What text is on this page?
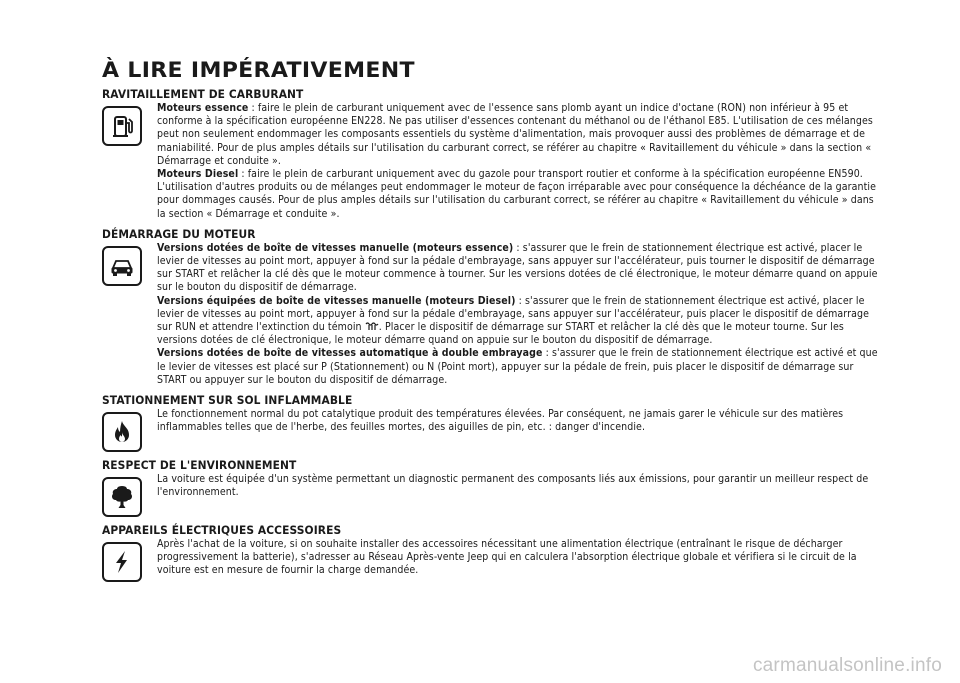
À LIRE IMPÉRATIVEMENT
RAVITAILLEMENT DE CARBURANT

Moteurs essence : faire le plein de carburant uniquement avec de l'essence sans plomb ayant un indice d'octane (RON) non inférieur à 95 et conforme à la spécification européenne EN228. Ne pas utiliser d'essences contenant du méthanol ou de l'éthanol E85. L'utilisation de ces mélanges peut non seulement endommager les composants essentiels du système d'alimentation, mais provoquer aussi des problèmes de démarrage et de maniabilité. Pour de plus amples détails sur l'utilisation du carburant correct, se référer au chapitre « Ravitaillement du véhicule » dans la section « Démarrage et conduite ».

Moteurs Diesel : faire le plein de carburant uniquement avec du gazole pour transport routier et conforme à la spécification européenne EN590. L'utilisation d'autres produits ou de mélanges peut endommager le moteur de façon irréparable avec pour conséquence la déchéance de la garantie pour dommages causés. Pour de plus amples détails sur l'utilisation du carburant correct, se référer au chapitre « Ravitaillement du véhicule » dans la section « Démarrage et conduite ».

DÉMARRAGE DU MOTEUR

Versions dotées de boîte de vitesses manuelle (moteurs essence) : s'assurer que le frein de stationnement électrique est activé, placer le levier de vitesses au point mort, appuyer à fond sur la pédale d'embrayage, sans appuyer sur l'accélérateur, puis tourner le dispositif de démarrage sur START et relâcher la clé dès que le moteur commence à tourner. Sur les versions dotées de clé électronique, le moteur démarre quand on appuie sur le bouton du dispositif de démarrage.

Versions équipées de boîte de vitesses manuelle (moteurs Diesel) : s'assurer que le frein de stationnement électrique est activé, placer le levier de vitesses au point mort, appuyer à fond sur la pédale d'embrayage, sans appuyer sur l'accélérateur, puis placer le dispositif de démarrage sur RUN et attendre l'extinction du témoin . Placer le dispositif de démarrage sur START et relâcher la clé dès que le moteur tourne. Sur les versions dotées de clé électronique, le moteur démarre quand on appuie sur le bouton du dispositif de démarrage.

Versions dotées de boîte de vitesses automatique à double embrayage : s'assurer que le frein de stationnement électrique est activé et que le levier de vitesses est placé sur P (Stationnement) ou N (Point mort), appuyer sur la pédale de frein, puis placer le dispositif de démarrage sur START ou appuyer sur le bouton du dispositif de démarrage.

STATIONNEMENT SUR SOL INFLAMMABLE

Le fonctionnement normal du pot catalytique produit des températures élevées. Par conséquent, ne jamais garer le véhicule sur des matières inflammables telles que de l'herbe, des feuilles mortes, des aiguilles de pin, etc. : danger d'incendie.

RESPECT DE L'ENVIRONNEMENT

La voiture est équipée d'un système permettant un diagnostic permanent des composants liés aux émissions, pour garantir un meilleur respect de l'environnement.

APPAREILS ÉLECTRIQUES ACCESSOIRES

Après l'achat de la voiture, si on souhaite installer des accessoires nécessitant une alimentation électrique (entraînant le risque de décharger progressivement la batterie), s'adresser au Réseau Après-vente Jeep qui en calculera l'absorption électrique globale et vérifiera si le circuit de la voiture est en mesure de fournir la charge demandée.

carmanualsonline.info
